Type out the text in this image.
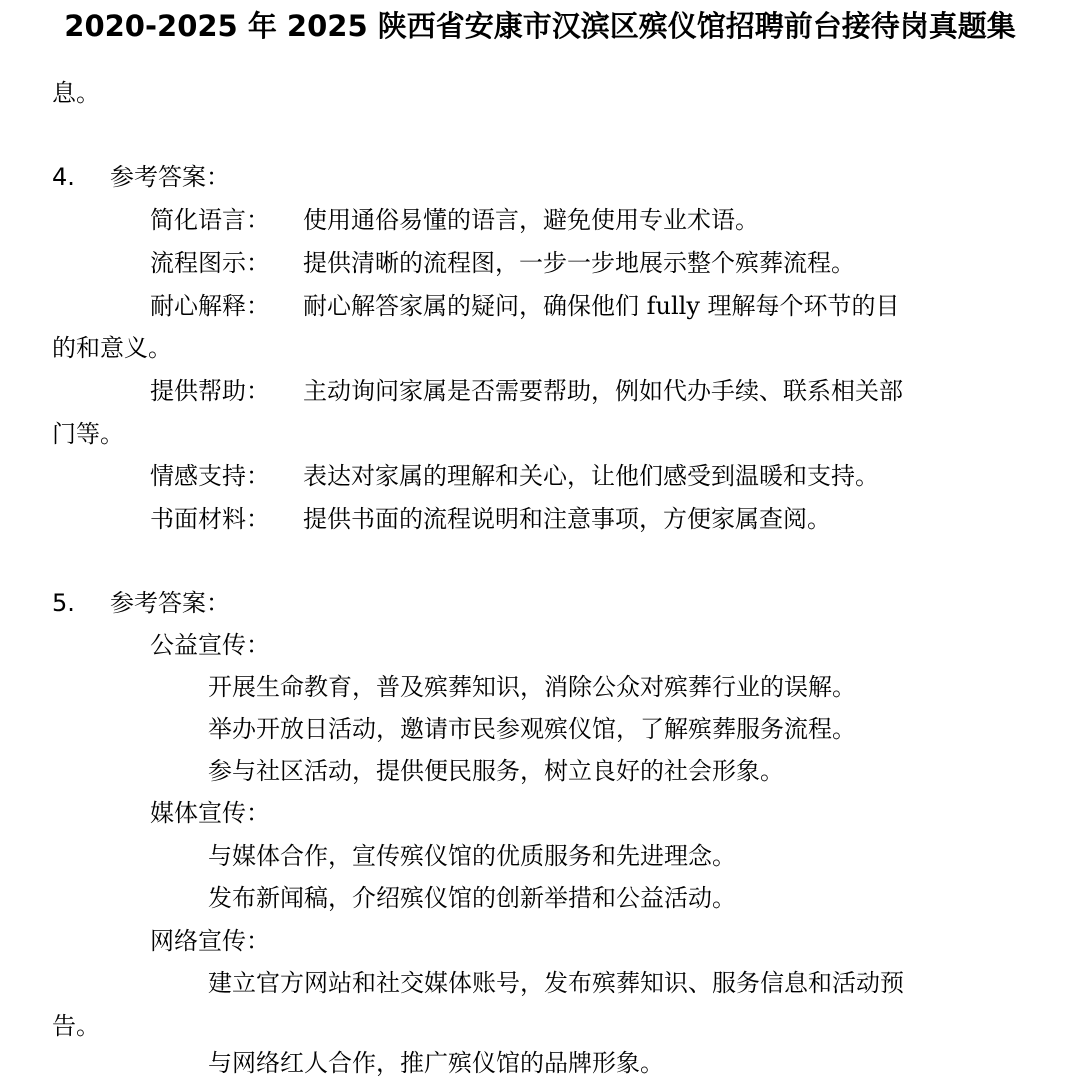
2020-2025 年 2025 陕西省安康市汉滨区殡仪馆招聘前台接待岗真题集
息。
4. 参考答案：
简化语言： 使用通俗易懂的语言，避免使用专业术语。
流程图示： 提供清晰的流程图，一步一步地展示整个殡葬流程。
耐心解释： 耐心解答家属的疑问，确保他们 fully 理解每个环节的目
的和意义。
提供帮助： 主动询问家属是否需要帮助，例如代办手续、联系相关部
门等。
情感支持： 表达对家属的理解和关心，让他们感受到温暖和支持。
书面材料： 提供书面的流程说明和注意事项，方便家属查阅。
5. 参考答案：
公益宣传：
开展生命教育，普及殡葬知识，消除公众对殡葬行业的误解。
举办开放日活动，邀请市民参观殡仪馆，了解殡葬服务流程。
参与社区活动，提供便民服务，树立良好的社会形象。
媒体宣传：
与媒体合作，宣传殡仪馆的优质服务和先进理念。
发布新闻稿，介绍殡仪馆的创新举措和公益活动。
网络宣传：
建立官方网站和社交媒体账号，发布殡葬知识、服务信息和活动预
告。
与网络红人合作，推广殡仪馆的品牌形象。
